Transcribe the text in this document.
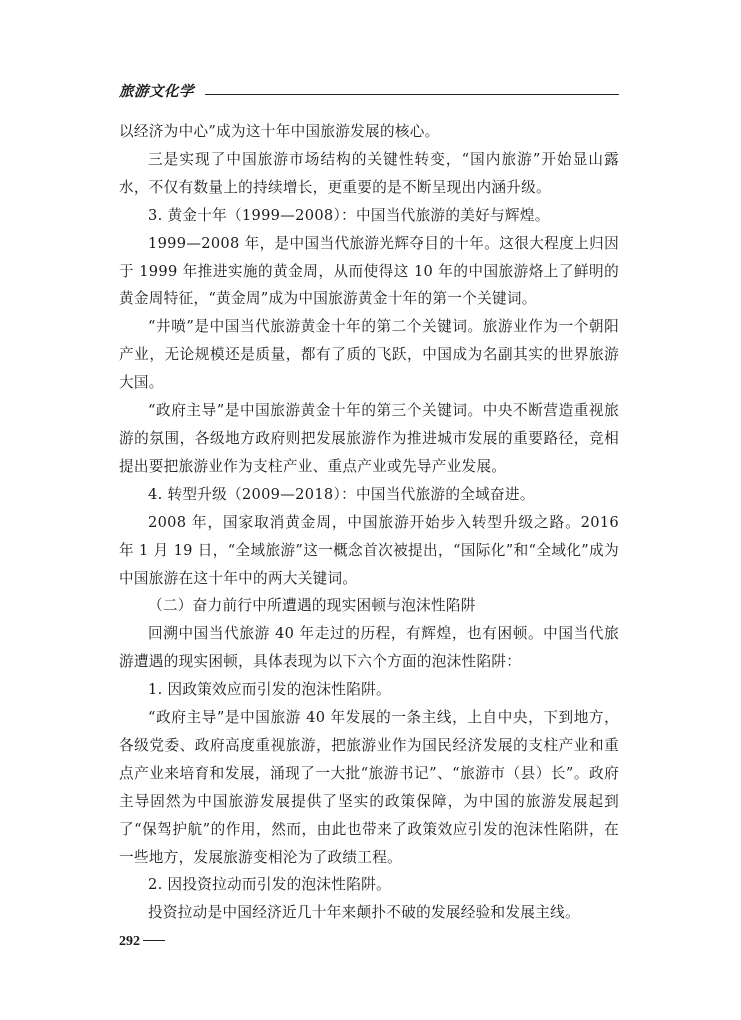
旅游文化学

以经济为中心”成为这十年中国旅游发展的核心。

三是实现了中国旅游市场结构的关键性转变，“国内旅游”开始显山露水，不仅有数量上的持续增长，更重要的是不断呈现出内涵升级。

3. 黄金十年（1999—2008）：中国当代旅游的美好与辉煌。

1999—2008 年，是中国当代旅游光辉夺目的十年。这很大程度上归因于 1999 年推进实施的黄金周，从而使得这 10 年的中国旅游烙上了鲜明的黄金周特征，“黄金周”成为中国旅游黄金十年的第一个关键词。

“井喷”是中国当代旅游黄金十年的第二个关键词。旅游业作为一个朝阳产业，无论规模还是质量，都有了质的飞跃，中国成为名副其实的世界旅游大国。

“政府主导”是中国旅游黄金十年的第三个关键词。中央不断营造重视旅游的氛围，各级地方政府则把发展旅游作为推进城市发展的重要路径，竞相提出要把旅游业作为支柱产业、重点产业或先导产业发展。

4. 转型升级（2009—2018）：中国当代旅游的全域奋进。

2008 年，国家取消黄金周，中国旅游开始步入转型升级之路。2016 年 1 月 19 日，“全域旅游”这一概念首次被提出，“国际化”和“全域化”成为中国旅游在这十年中的两大关键词。

（二）奋力前行中所遭遇的现实困顿与泡沫性陷阱

回溯中国当代旅游 40 年走过的历程，有辉煌，也有困顿。中国当代旅游遭遇的现实困顿，具体表现为以下六个方面的泡沫性陷阱：

1. 因政策效应而引发的泡沫性陷阱。

“政府主导”是中国旅游 40 年发展的一条主线，上自中央，下到地方，各级党委、政府高度重视旅游，把旅游业作为国民经济发展的支柱产业和重点产业来培育和发展，涌现了一大批“旅游书记”、“旅游市（县）长”。政府主导固然为中国旅游发展提供了坚实的政策保障，为中国的旅游发展起到了“保驾护航”的作用，然而，由此也带来了政策效应引发的泡沫性陷阱，在一些地方，发展旅游变相沦为了政绩工程。

2. 因投资拉动而引发的泡沫性陷阱。

投资拉动是中国经济近几十年来颠扑不破的发展经验和发展主线。

292
